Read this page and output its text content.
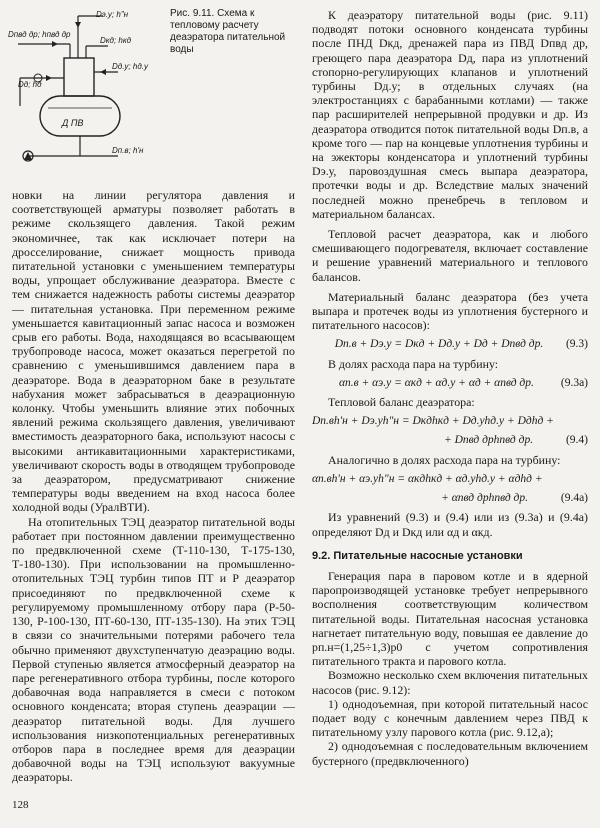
Dэ.у; h"н
Dпвд др; hпвд др
Dкд; hкд
Dд.у; hд.у
Dд; hд
Д ПВ
Dп.в; h'н
Рис. 9.11. Схема к тепловому расчету деаэратора питательной воды

новки на линии регулятора давления и соответствующей арматуры позволяет работать в режиме скользящего давления. Такой режим экономичнее, так как исключает потери на дросселирование, снижает мощность привода питательной установки с уменьшением температуры воды, упрощает обслуживание деаэратора. Вместе с тем снижается надежность работы системы деаэратор — питательная установка. При переменном режиме уменьшается кавитационный запас насоса и возможен срыв его работы. Вода, находящаяся во всасывающем трубопроводе насоса, может оказаться перегретой по сравнению с уменьшившимся давлением пара в деаэраторе. Вода в деаэраторном баке в результате набухания может забрасываться в деаэрационную колонку. Чтобы уменьшить влияние этих побочных явлений режима скользящего давления, увеличивают вместимость деаэраторного бака, используют насосы с высокими антикавитационными характеристиками, увеличивают скорость воды в отводящем трубопроводе за деаэратором, предусматривают снижение температуры воды введением на вход насоса более холодной воды (УралВТИ).

На отопительных ТЭЦ деаэратор питательной воды работает при постоянном давлении преимущественно по предвключенной схеме (Т-110-130, Т-175-130, Т-180-130). При использовании на промышленно-отопительных ТЭЦ турбин типов ПТ и Р деаэратор присоединяют по предвключенной схеме к регулируемому промышленному отбору пара (Р-50-130, Р-100-130, ПТ-60-130, ПТ-135-130). На этих ТЭЦ в связи со значительными потерями рабочего тела обычно применяют двухступенчатую деаэрацию воды. Первой ступенью является атмосферный деаэратор на паре регенеративного отбора турбины, после которого добавочная вода направляется в смеси с потоком основного конденсата; вторая ступень деаэрации — деаэратор питательной воды. Для лучшего использования низкопотенциальных регенеративных отборов пара в последнее время для деаэрации добавочной воды на ТЭЦ используют вакуумные деаэраторы.

К деаэратору питательной воды (рис. 9.11) подводят потоки основного конденсата турбины после ПНД Dкд, дренажей пара из ПВД Dпвд др, греющего пара деаэратора Dд, пара из уплотнений стопорно-регулирующих клапанов и уплотнений турбины Dд.у; в отдельных случаях (на электростанциях с барабанными котлами) — также пар расширителей непрерывной продувки и др. Из деаэратора отводится поток питательной воды Dп.в, а кроме того — пар на концевые уплотнения турбины и на эжекторы конденсатора и уплотнений турбины Dэ.у, паровоздушная смесь выпара деаэратора, протечки воды и др. Вследствие малых значений последней можно пренебречь в тепловом и материальном балансах.

Тепловой расчет деаэратора, как и любого смешивающего подогревателя, включает составление и решение уравнений материального и теплового балансов.

Материальный баланс деаэратора (без учета выпара и протечек воды из уплотнения бустерного и питательного насосов):

Dп.в + Dэ.у = Dкд + Dд.у + Dд + Dпвд др. (9.3)

В долях расхода пара на турбину:

αп.в + αэ.у = αкд + αд.у + αд + αпвд др. (9.3а)

Тепловой баланс деаэратора:

Dп.вh'н + Dэ.уh"н = Dкдhкд + Dд.уhд.у + Dдhд +
+ Dпвд дрhпвд др.	(9.4)

Аналогично в долях расхода пара на турбину:

αп.вh'н + αэ.уh"н = αкдhкд + αд.уhд.у + αдhд +
+ αпвд дрhпвд др.	(9.4а)

Из уравнений (9.3) и (9.4) или из (9.3а) и (9.4а) определяют Dд и Dкд или αд и αкд.

9.2. Питательные насосные установки

Генерация пара в паровом котле и в ядерной паропроизводящей установке требует непрерывного восполнения соответствующим количеством питательной воды. Питательная насосная установка нагнетает питательную воду, повышая ее давление до pп.н=(1,25÷1,3)p0 с учетом сопротивления питательного тракта и парового котла.

Возможно несколько схем включения питательных насосов (рис. 9.12):

1) однодоъемная, при которой питательный насос подает воду с конечным давлением через ПВД к питательному узлу парового котла (рис. 9.12,а);

2) однодоъемная с последовательным включением бустерного (предвключенного)

128
